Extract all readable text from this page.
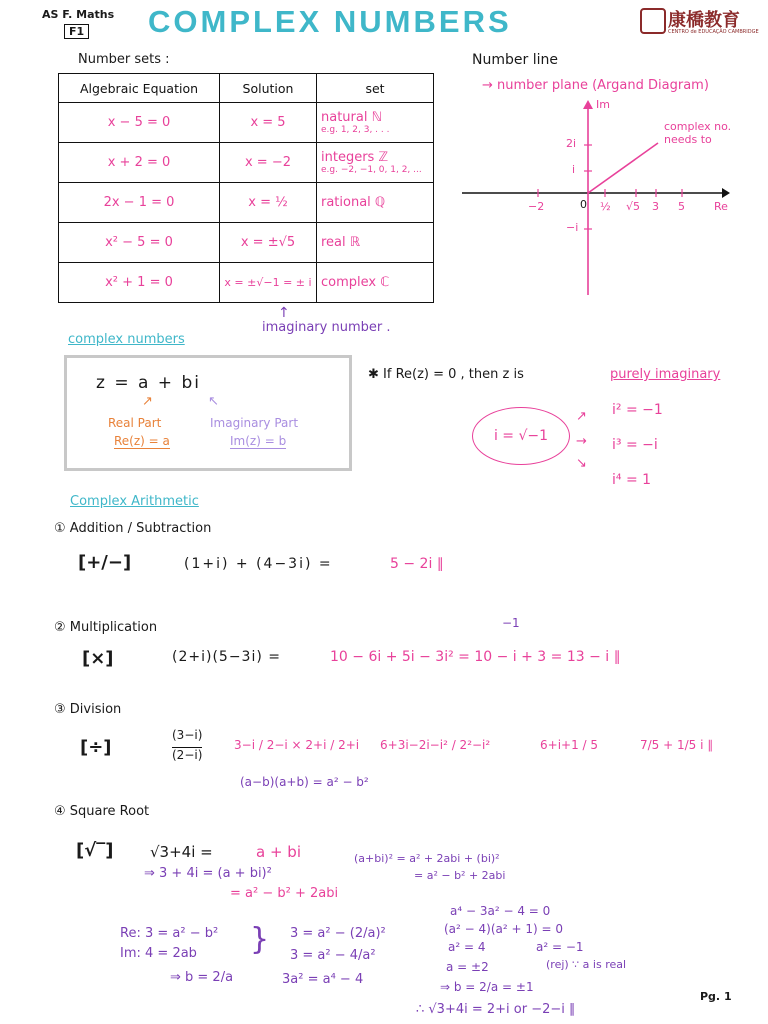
AS F. Maths
F1 COMPLEX NUMBERS	康橋教育
CENTRO de EDUCAÇÃO CAMBRIDGE
Number sets :
Algebraic Equation	Solution	set
x − 5 = 0	x = 5	natural ℕ
e.g. 1, 2, 3, . . .

x + 2 = 0	x = −2	integers ℤ
e.g. −2, −1, 0, 1, 2, ...

2x − 1 = 0	x = ½	rational ℚ
x² − 5 = 0	x = ±√5	real ℝ
x² + 1 = 0	x = ±√−1 = ± i	complex ℂ
↑
imaginary number .
Number line
→ number plane (Argand Diagram)
Im
Re
−2	0 ½ √5 3 5
2i
i
−i
complex no. needs to
complex numbers
z = a + bi
↗	↖
Real Part
Re(z) = a
Imaginary Part
Im(z) = b
✱ If Re(z) = 0 , then z is	purely imaginary
i = √−1
↗
→
↘
i² = −1
i³ = −i
i⁴ = 1
Complex Arithmetic
① Addition / Subtraction
[+/−]	(1+i) + (4−3i) =	5 − 2i ∥
② Multiplication
[×]	(2+i)(5−3i) =	10 − 6i + 5i − 3i² = 10 − i + 3 = 13 − i ∥
−1
③ Division
[÷]
(3−i)
(2−i)
3−i / 2−i × 2+i / 2+i 6+3i−2i−i² / 2²−i²	6+i+1 / 5	7/5 + 1/5 i ∥
(a−b)(a+b) = a² − b²
④ Square Root
[√‾] √3+4i =	a + bi	(a+bi)² = a² + 2abi + (bi)²
= a² − b² + 2abi
⇒ 3 + 4i = (a + bi)²
= a² − b² + 2abi
Re: 3 = a² − b²
Im: 4 = 2ab
⇒ b = 2/a
} 3 = a² − (2/a)²
3 = a² − 4/a²
3a² = a⁴ − 4
a⁴ − 3a² − 4 = 0
(a² − 4)(a² + 1) = 0
a² = 4	a² = −1
a = ±2	(rej) ∵ a is real
⇒ b = 2/a = ±1
∴ √3+4i = 2+i or −2−i ∥
Pg. 1
